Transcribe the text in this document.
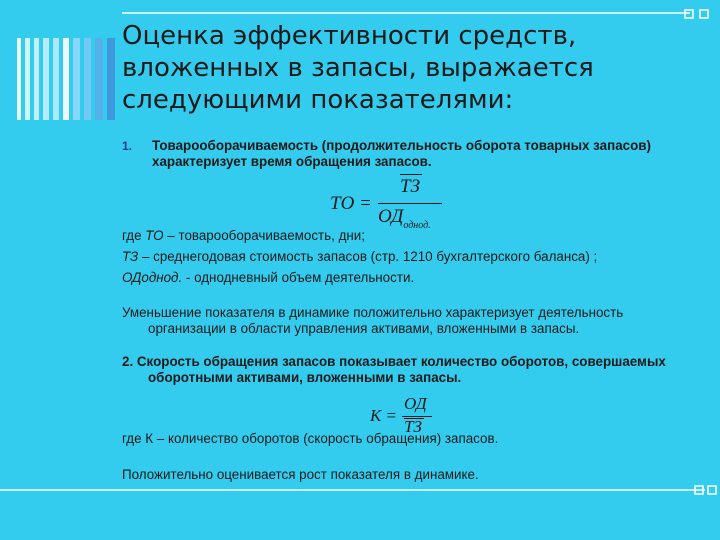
Оценка эффективности средств, вложенных в запасы, выражается следующими показателями:
1. Товарооборачиваемость (продолжительность оборота товарных запасов) характеризует время обращения запасов.
ТО =
ТЗ
$ОД_{однод.}$
где ТО – товарооборачиваемость, дни;
ТЗ – среднегодовая стоимость запасов (стр. 1210 бухгалтерского баланса) ;
ОДоднод. - однодневный объем деятельности.
Уменьшение показателя в динамике положительно характеризует деятельность организации в области управления активами, вложенными в запасы.
2. Скорость обращения запасов показывает количество оборотов, совершаемых оборотными активами, вложенными в запасы.
К =
ОД
ТЗ
где К – количество оборотов (скорость обращения) запасов.
Положительно оценивается рост показателя в динамике.
